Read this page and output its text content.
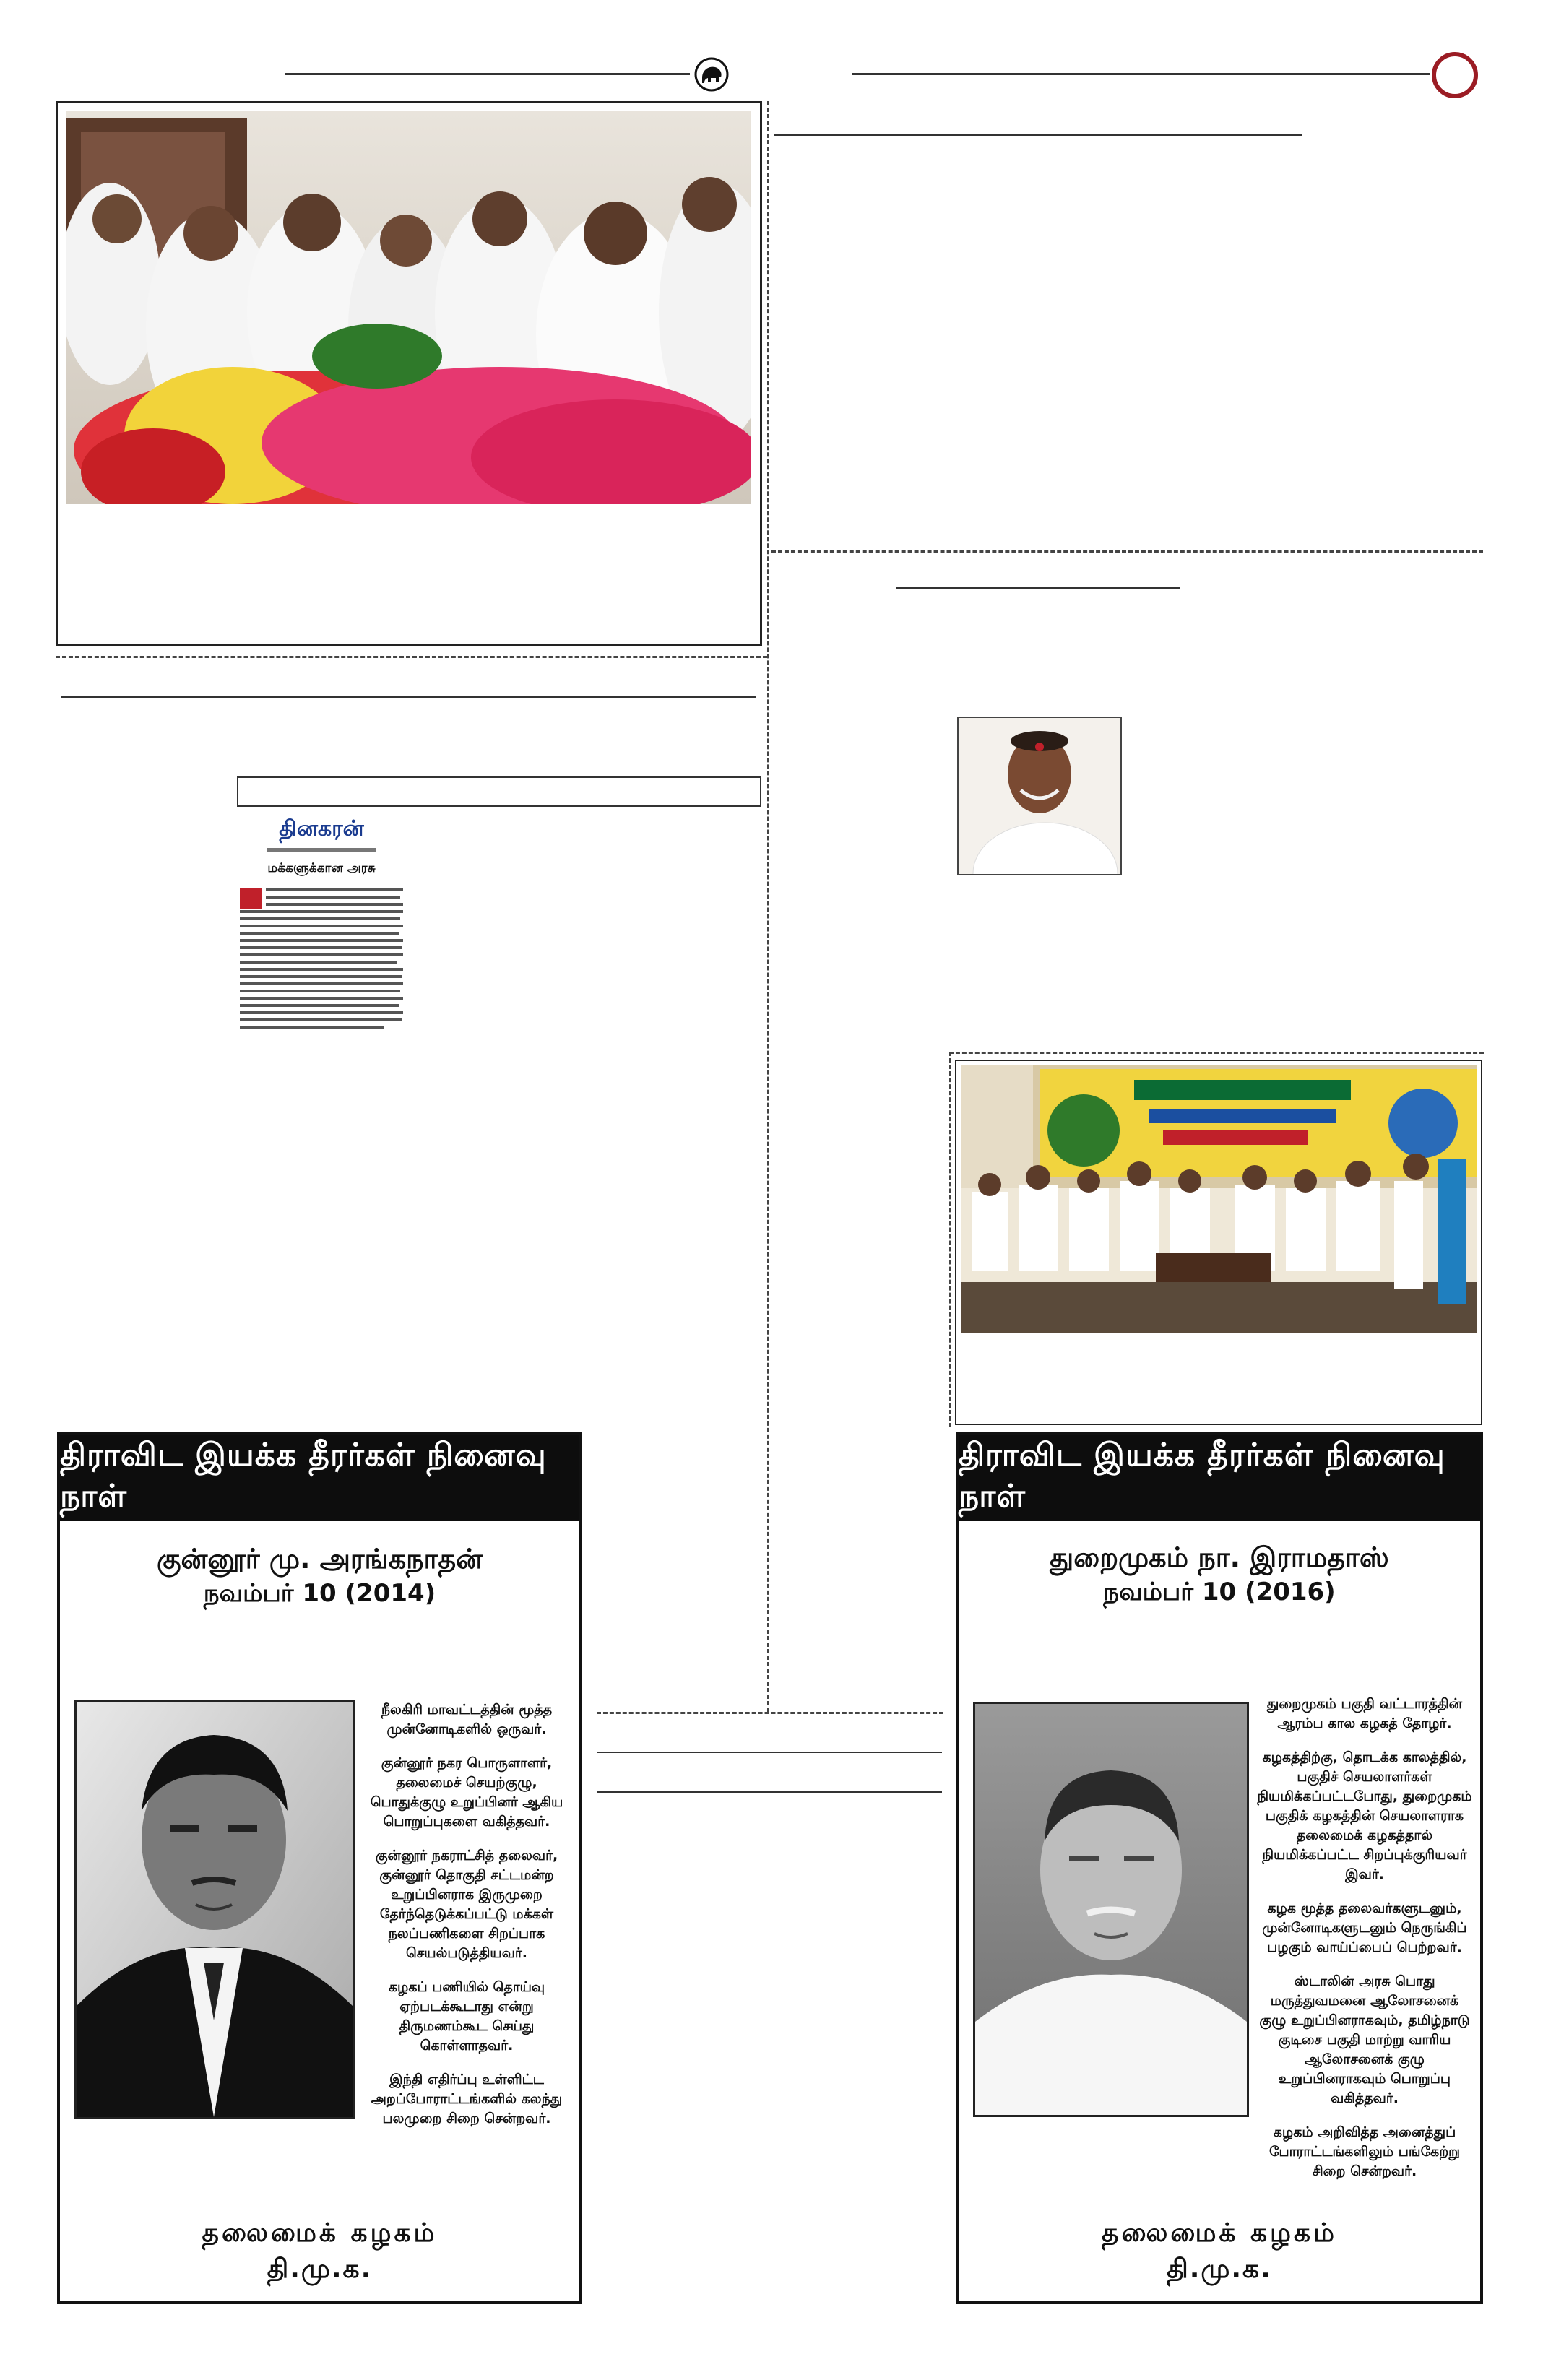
தினகரன்
மக்களுக்கான அரசு
திராவிட இயக்க தீரர்கள் நினைவு நாள்
குன்னூர் மு. அரங்கநாதன்
நவம்பர் 10 (2014)

நீலகிரி மாவட்டத்தின் மூத்த முன்னோடிகளில் ஒருவர்.

குன்னூர் நகர பொருளாளர், தலைமைச் செயற்குழு, பொதுக்குழு உறுப்பினர் ஆகிய பொறுப்புகளை வகித்தவர்.

குன்னூர் நகராட்சித் தலைவர், குன்னூர் தொகுதி சட்டமன்ற உறுப்பினராக இருமுறை தேர்ந்தெடுக்கப்பட்டு மக்கள் நலப்பணிகளை சிறப்பாக செயல்படுத்தியவர்.

கழகப் பணியில் தொய்வு ஏற்படக்கூடாது என்று திருமணம்கூட செய்து கொள்ளாதவர்.

இந்தி எதிர்ப்பு உள்ளிட்ட அறப்போராட்டங்களில் கலந்து பலமுறை சிறை சென்றவர்.

தலைமைக் கழகம்
தி.மு.க.
திராவிட இயக்க தீரர்கள் நினைவு நாள்
துறைமுகம் நா. இராமதாஸ்
நவம்பர் 10 (2016)

துறைமுகம் பகுதி வட்டாரத்தின் ஆரம்ப கால கழகத் தோழர்.

கழகத்திற்கு, தொடக்க காலத்தில், பகுதிச் செயலாளர்கள் நியமிக்கப்பட்டபோது, துறைமுகம் பகுதிக் கழகத்தின் செயலாளராக தலைமைக் கழகத்தால் நியமிக்கப்பட்ட சிறப்புக்குரியவர் இவர்.

கழக மூத்த தலைவர்களுடனும், முன்னோடிகளுடனும் நெருங்கிப் பழகும் வாய்ப்பைப் பெற்றவர்.

ஸ்டாலின் அரசு பொது மருத்துவமனை ஆலோசனைக் குழு உறுப்பினராகவும், தமிழ்நாடு குடிசை பகுதி மாற்று வாரிய ஆலோசனைக் குழு உறுப்பினராகவும் பொறுப்பு வகித்தவர்.

கழகம் அறிவித்த அனைத்துப் போராட்டங்களிலும் பங்கேற்று சிறை சென்றவர்.

தலைமைக் கழகம்
தி.மு.க.
